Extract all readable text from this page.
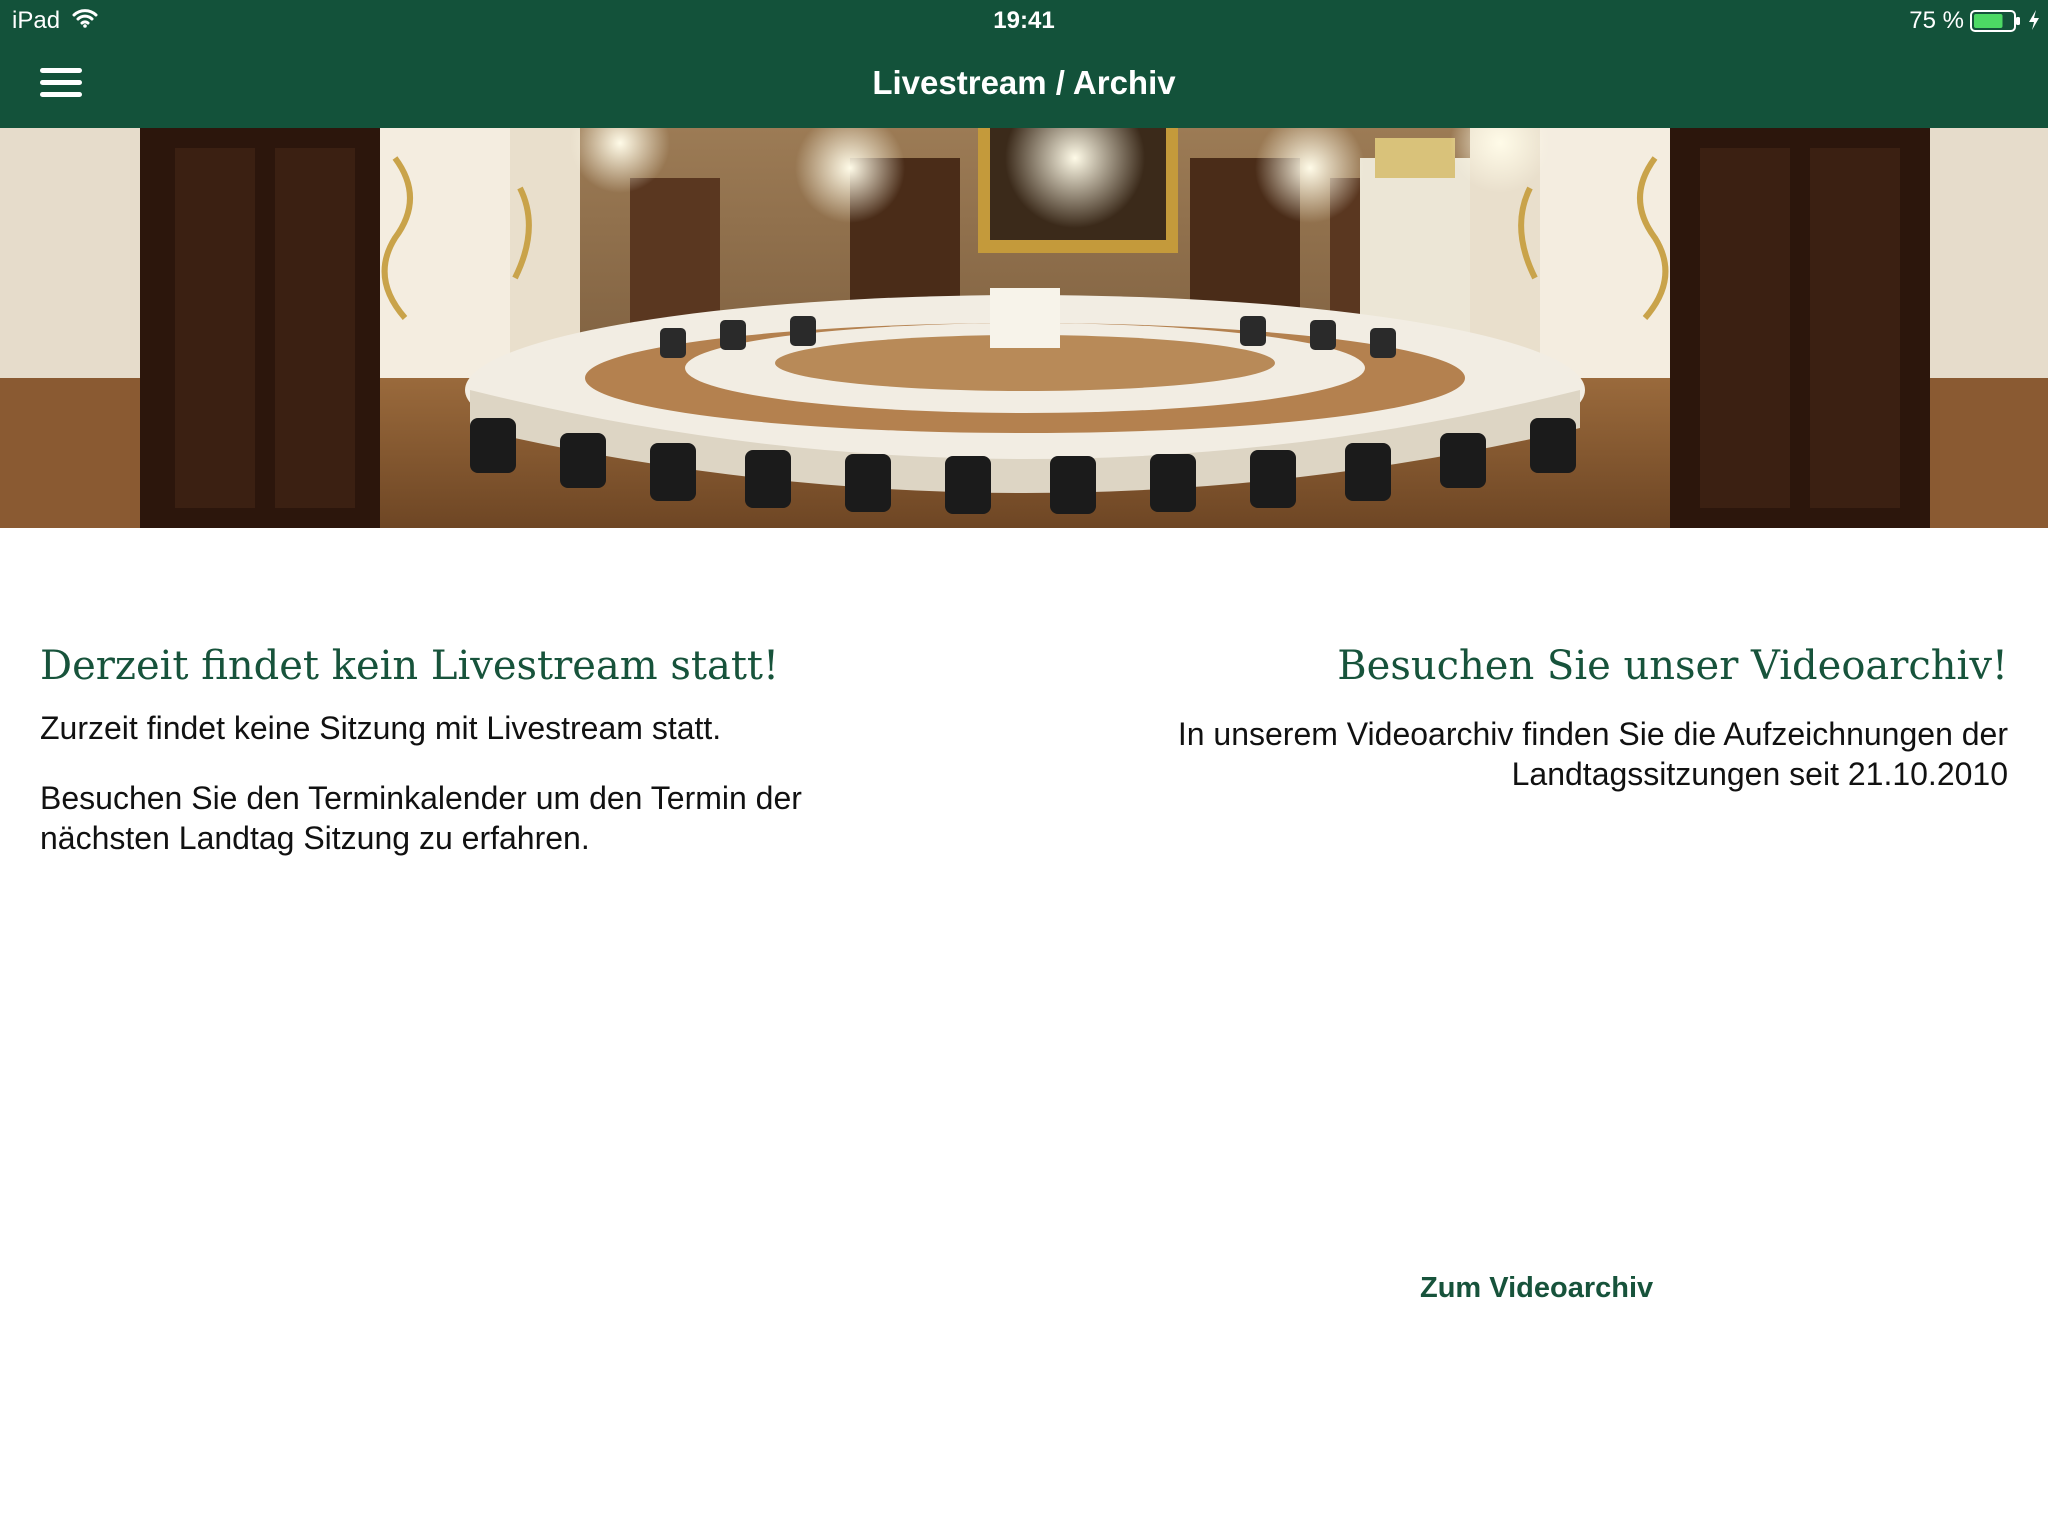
iPad	19:41	75 %
Livestream / Archiv
Derzeit findet kein Livestream statt!

Zurzeit findet keine Sitzung mit Livestream statt.

Besuchen Sie den Terminkalender um den Termin der nächsten Landtag Sitzung zu erfahren.

Besuchen Sie unser Videoarchiv!

In unserem Videoarchiv finden Sie die Aufzeichnungen der Landtagssitzungen seit 21.10.2010

Zum Videoarchiv
